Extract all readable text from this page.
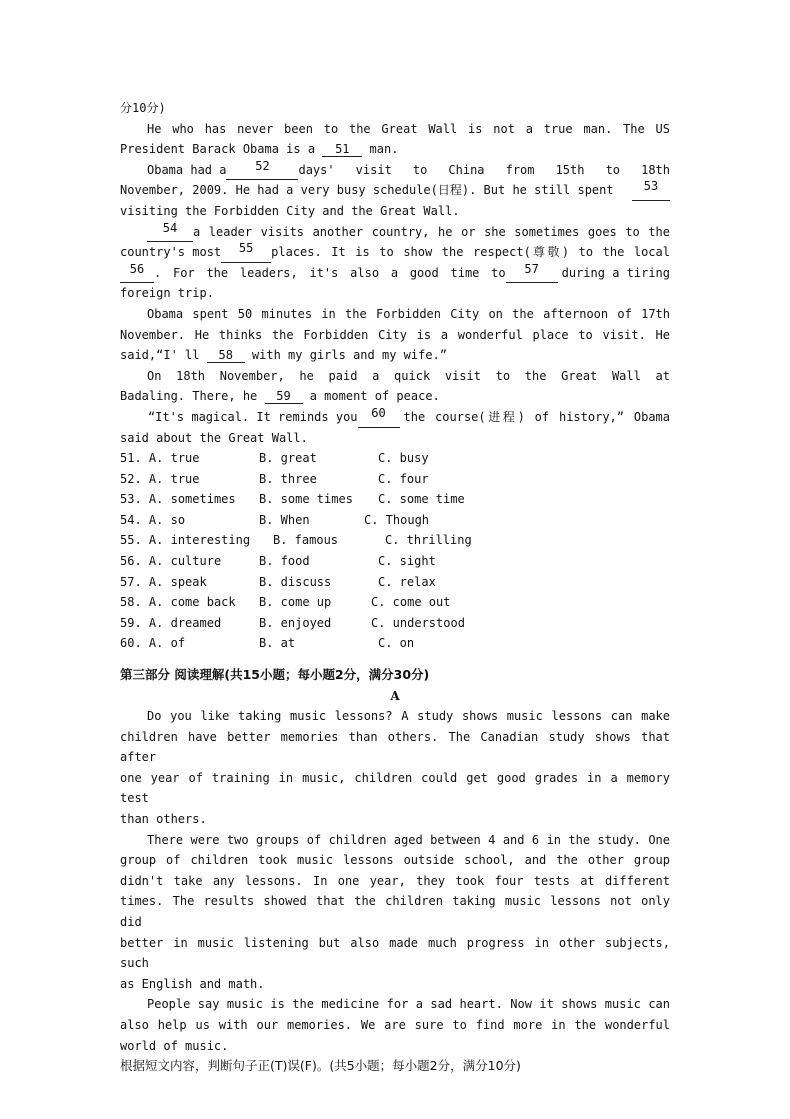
分10分)
He who has never been to the Great Wall is not a true man. The US
President Barack Obama is a 51 man.
Obama had a	52	days' visit to China from 15th to 18th
November, 2009. He had a very busy schedule(日程). But he still spent	53
visiting the Forbidden City and the Great Wall.
54	a leader visits another country, he or she sometimes goes to the
country's most	55	places. It is to show the respect(尊敬) to the local
56 . For the leaders, it's also a good time to	57	during a tiring
foreign trip.
Obama spent 50 minutes in the Forbidden City on the afternoon of 17th
November. He thinks the Forbidden City is a wonderful place to visit. He
said,“I' ll 58 with my girls and my wife.”
On 18th November, he paid a quick visit to the Great Wall at
Badaling. There, he 59 a moment of peace.
“It's magical. It reminds you	60	the course(进程) of history,” Obama
said about the Great Wall.
51. A. true	B. great	C. busy
52. A. true	B. three	C. four
53. A. sometimes	B. some times	C. some time
54. A. so	B. When	C. Though
55. A. interesting	B. famous	C. thrilling
56. A. culture	B. food	C. sight
57. A. speak	B. discuss	C. relax
58. A. come back	B. come up	C. come out
59. A. dreamed	B. enjoyed	C. understood
60. A. of	B. at	C. on
第三部分 阅读理解(共15小题；每小题2分，满分30分)
A
Do you like taking music lessons? A study shows music lessons can make
children have better memories than others. The Canadian study shows that after
one year of training in music, children could get good grades in a memory test
than others.
There were two groups of children aged between 4 and 6 in the study. One
group of children took music lessons outside school, and the other group
didn't take any lessons. In one year, they took four tests at different
times. The results showed that the children taking music lessons not only did
better in music listening but also made much progress in other subjects, such
as English and math.
People say music is the medicine for a sad heart. Now it shows music can
also help us with our memories. We are sure to find more in the wonderful
world of music.
根据短文内容，判断句子正(T)误(F)。(共5小题；每小题2分，满分10分)
